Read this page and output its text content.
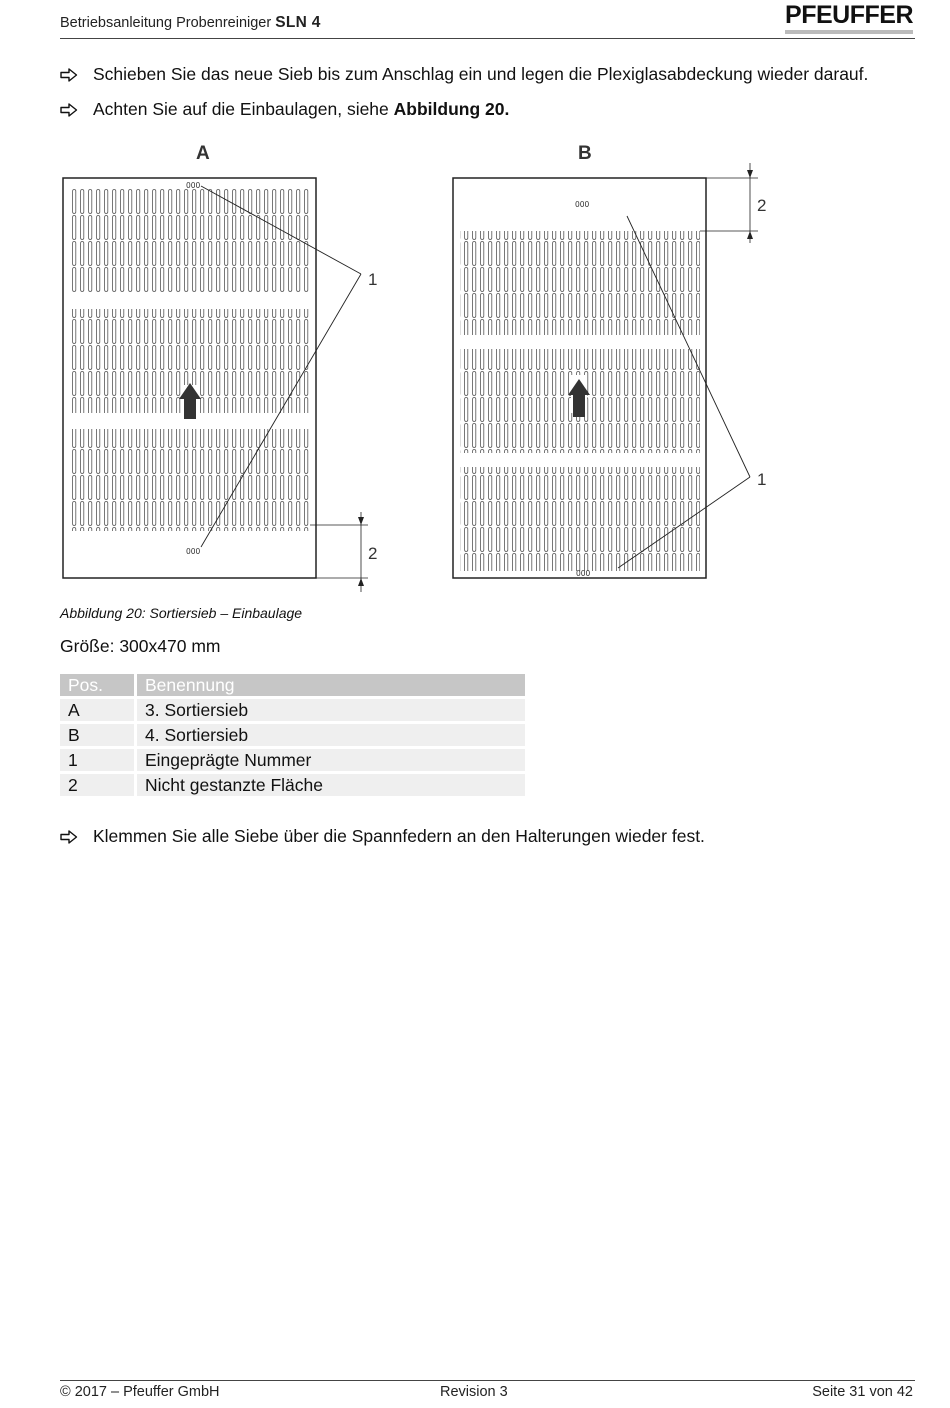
Betriebsanleitung Probenreiniger SLN 4	PFEUFFER
Schieben Sie das neue Sieb bis zum Anschlag ein und legen die Plexiglasabdeckung wieder darauf.
Achten Sie auf die Einbaulagen, siehe Abbildung 20.
A
000
000
1
2
B
000
000
1
2
Abbildung 20: Sortiersieb – Einbaulage
Größe: 300x470 mm
Pos.	Benennung
A	3. Sortiersieb
B	4. Sortiersieb
1	Eingeprägte Nummer
2	Nicht gestanzte Fläche
Klemmen Sie alle Siebe über die Spannfedern an den Halterungen wieder fest.
© 2017 – Pfeuffer GmbH	Revision 3	Seite 31 von 42
